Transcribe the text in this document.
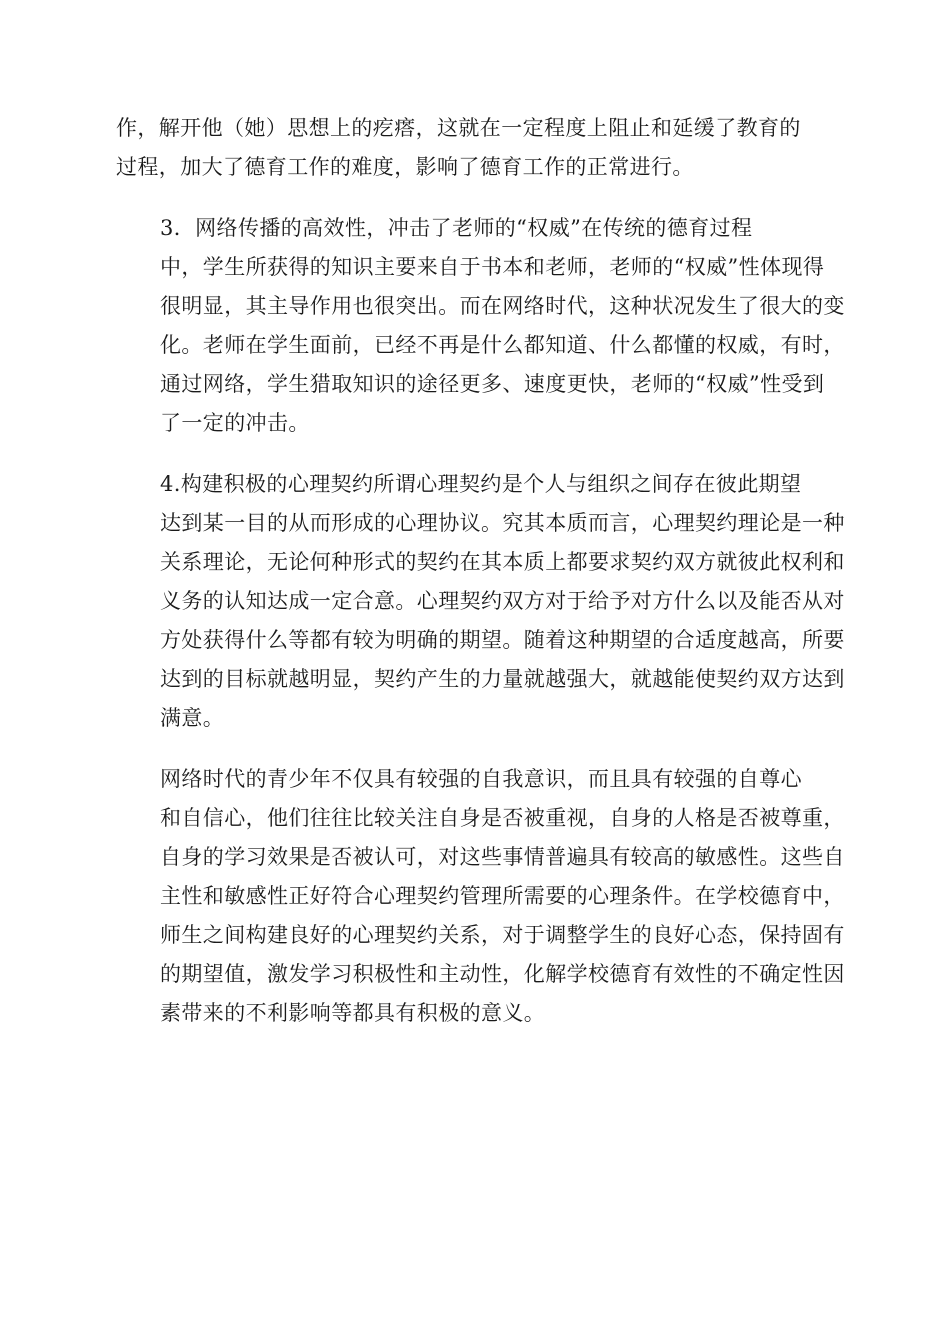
作，解开他（她）思想上的疙瘩，这就在一定程度上阻止和延缓了教育的
过程，加大了德育工作的难度，影响了德育工作的正常进行。

3．网络传播的高效性，冲击了老师的“权威”在传统的德育过程
中，学生所获得的知识主要来自于书本和老师，老师的“权威”性体现得
很明显，其主导作用也很突出。而在网络时代，这种状况发生了很大的变
化。老师在学生面前，已经不再是什么都知道、什么都懂的权威，有时，
通过网络，学生猎取知识的途径更多、速度更快，老师的“权威”性受到
了一定的冲击。

4.构建积极的心理契约所谓心理契约是个人与组织之间存在彼此期望
达到某一目的从而形成的心理协议。究其本质而言，心理契约理论是一种
关系理论，无论何种形式的契约在其本质上都要求契约双方就彼此权利和
义务的认知达成一定合意。心理契约双方对于给予对方什么以及能否从对
方处获得什么等都有较为明确的期望。随着这种期望的合适度越高，所要
达到的目标就越明显，契约产生的力量就越强大，就越能使契约双方达到
满意。

网络时代的青少年不仅具有较强的自我意识，而且具有较强的自尊心
和自信心，他们往往比较关注自身是否被重视，自身的人格是否被尊重，
自身的学习效果是否被认可，对这些事情普遍具有较高的敏感性。这些自
主性和敏感性正好符合心理契约管理所需要的心理条件。在学校德育中，
师生之间构建良好的心理契约关系，对于调整学生的良好心态，保持固有
的期望值，激发学习积极性和主动性，化解学校德育有效性的不确定性因
素带来的不利影响等都具有积极的意义。
